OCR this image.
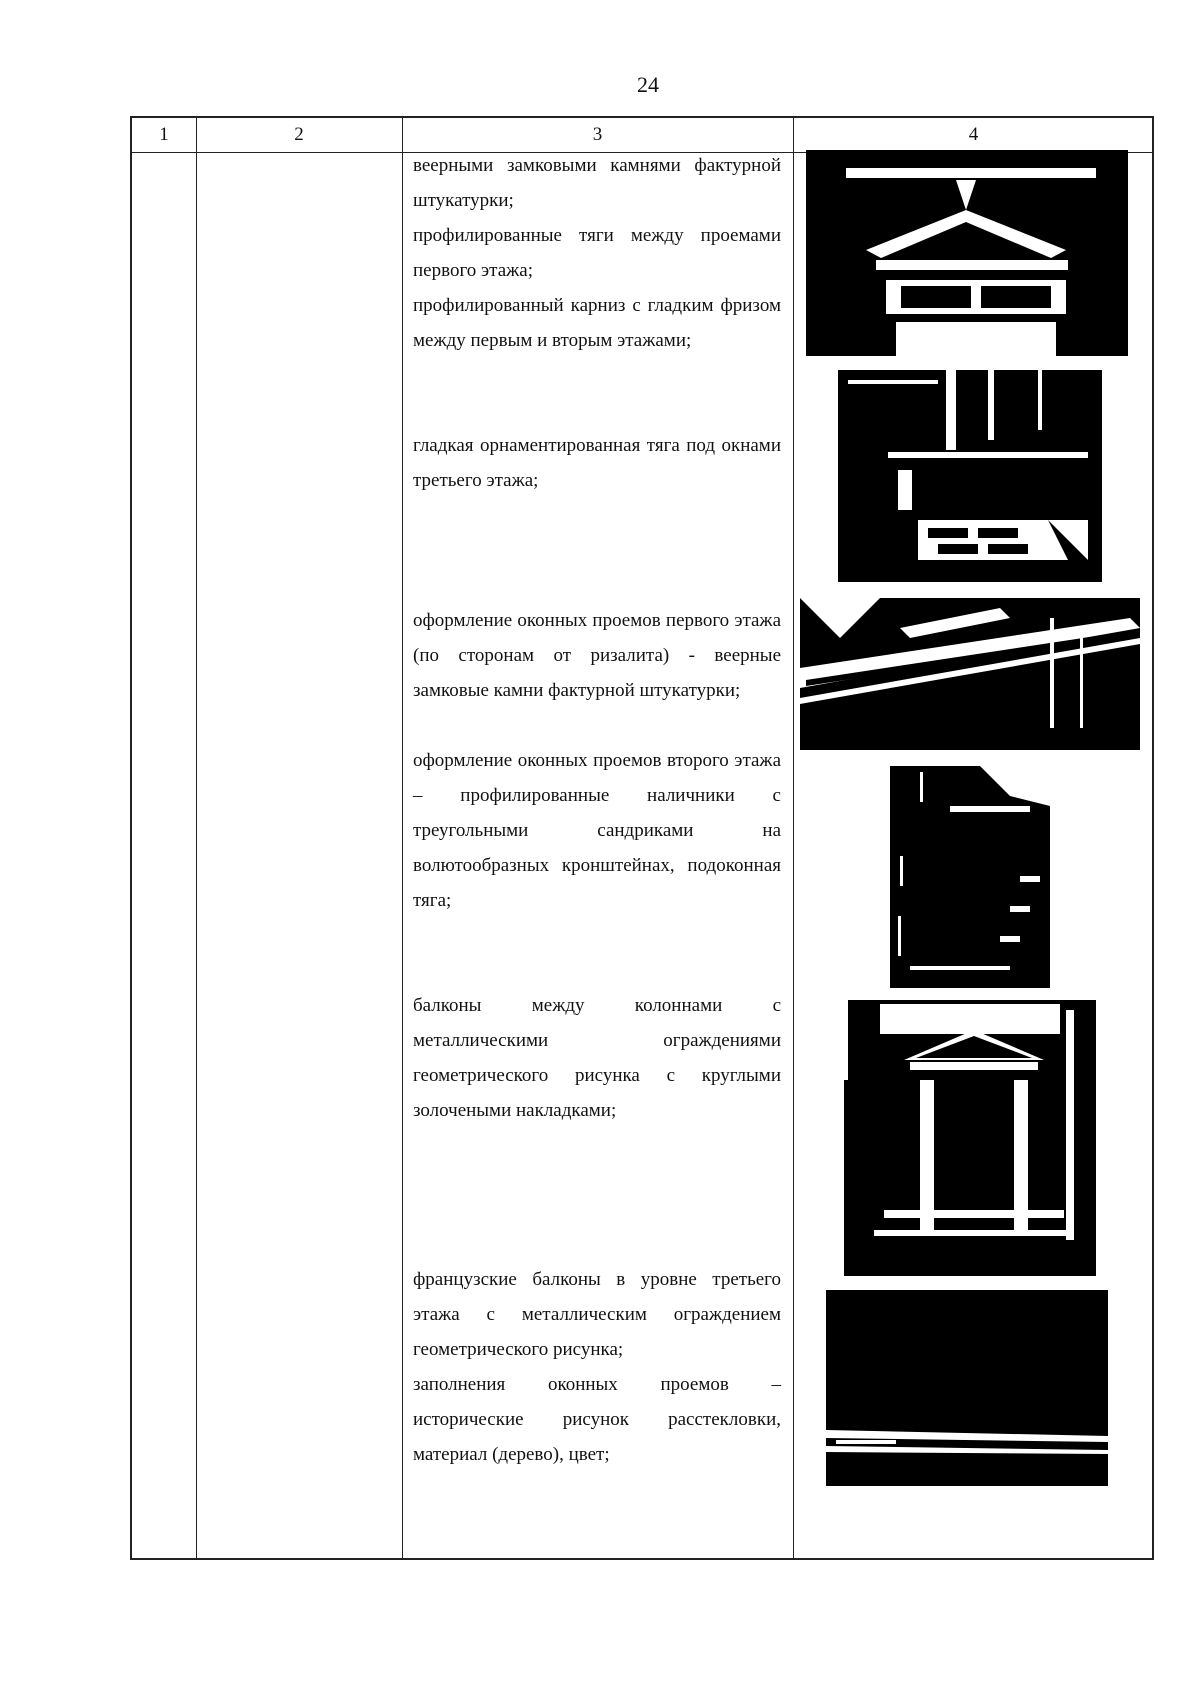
24
1	2	3	4

веерными замковыми камнями фактурной штукатурки;

профилированные тяги между проемами первого этажа;

профилированный карниз с гладким фризом между первым и вторым этажами;

гладкая орнаментированная тяга под окнами третьего этажа;

оформление оконных проемов первого этажа (по сторонам от ризалита) - веерные замковые камни фактурной штукатурки;

оформление оконных проемов второго этажа – профилированные наличники с треугольными сандриками на волютообразных кронштейнах, подоконная тяга;

балконы между колоннами с металлическими ограждениями геометрического рисунка с круглыми золочеными накладками;

французские балконы в уровне третьего этажа с металлическим ограждением геометрического рисунка;

заполнения оконных проемов – исторические рисунок расстекловки, материал (дерево), цвет;
